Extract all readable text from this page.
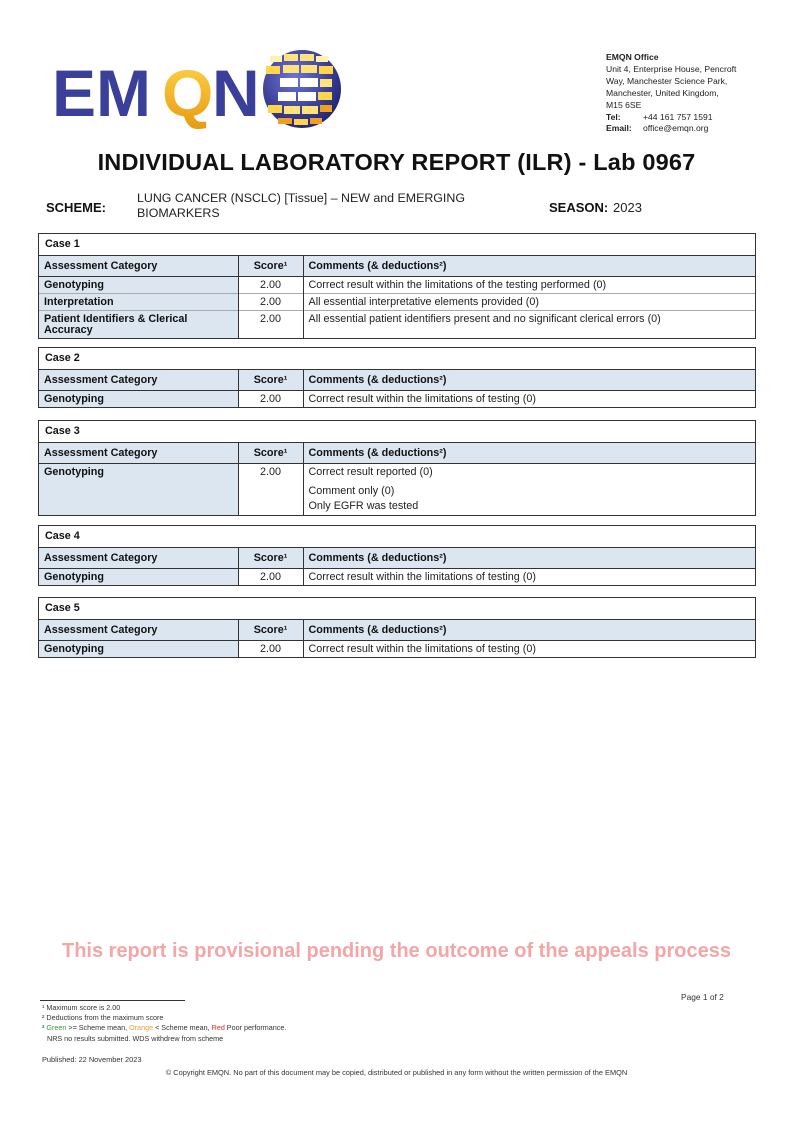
EM Q
N	EMQN Office
Unit 4, Enterprise House, Pencroft
Way, Manchester Science Park,
Manchester, United Kingdom,
M15 6SE
Tel:	+44 161 757 1591
Email:	office@emqn.org
INDIVIDUAL LABORATORY REPORT (ILR) - Lab 0967
SCHEME:
LUNG CANCER (NSCLC) [Tissue] – NEW and EMERGING BIOMARKERS	SEASON: 2023
Case 1
Assessment Category	Score¹	Comments (& deductions²)
Genotyping	2.00	Correct result within the limitations of the testing performed (0)

Interpretation	2.00	All essential interpretative elements provided (0)

Patient Identifiers & Clerical Accuracy	2.00	All essential patient identifiers present and no significant clerical errors (0)
Case 2
Assessment Category	Score¹	Comments (& deductions²)
Genotyping	2.00	Correct result within the limitations of testing (0)
Case 3
Assessment Category	Score¹	Comments (& deductions²)
Genotyping	2.00	Correct result reported (0)
Comment only (0)
Only EGFR was tested
Case 4
Assessment Category	Score¹	Comments (& deductions²)
Genotyping	2.00	Correct result within the limitations of testing (0)
Case 5
Assessment Category	Score¹	Comments (& deductions²)
Genotyping	2.00	Correct result within the limitations of testing (0)
This report is provisional pending the outcome of the appeals process
Page 1 of 2
¹ Maximum score is 2.00
² Deductions from the maximum score
³ Green >= Scheme mean, Orange < Scheme mean, Red Poor performance.
NRS no results submitted. WDS withdrew from scheme
Published: 22 November 2023
© Copyright EMQN. No part of this document may be copied, distributed or published in any form without the written permission of the EMQN
